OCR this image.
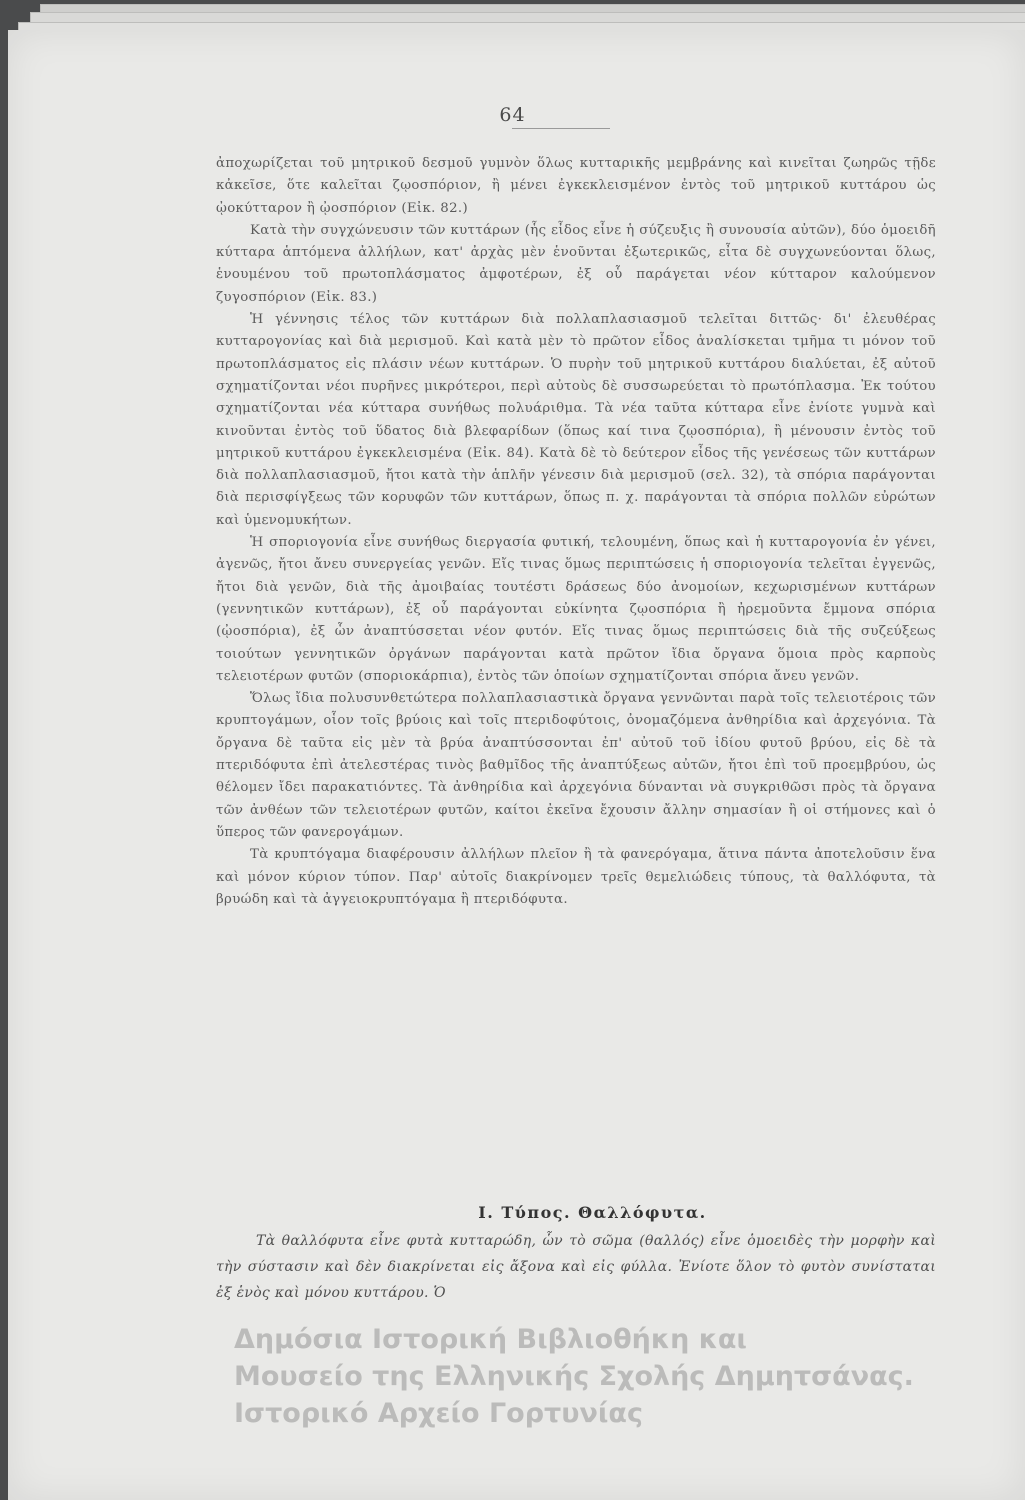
64

ἀποχωρίζεται τοῦ μητρικοῦ δεσμοῦ γυμνὸν ὅλως κυτταρικῆς μεμβράνης καὶ κινεῖται ζωηρῶς τῇδε κἀκεῖσε, ὅτε καλεῖται ζῳοσπόριον, ἢ μένει ἐγκεκλεισμένον ἐντὸς τοῦ μητρικοῦ κυττάρου ὡς ᾠοκύτταρον ἢ ᾠοσπόριον (Εἰκ. 82.)

Κατὰ τὴν συγχώνευσιν τῶν κυττάρων (ἧς εἶδος εἶνε ἡ σύζευξις ἢ συνουσία αὐτῶν), δύο ὁμοειδῆ κύτταρα ἁπτόμενα ἀλλήλων, κατ' ἀρχὰς μὲν ἑνοῦνται ἐξωτερικῶς, εἶτα δὲ συγχωνεύονται ὅλως, ἑνουμένου τοῦ πρωτοπλάσματος ἀμφοτέρων, ἐξ οὗ παράγεται νέον κύτταρον καλούμενον ζυγοσπόριον (Εἰκ. 83.)

Ἡ γέννησις τέλος τῶν κυττάρων διὰ πολλαπλασιασμοῦ τελεῖται διττῶς· δι' ἐλευθέρας κυτταρογονίας καὶ διὰ μερισμοῦ. Καὶ κατὰ μὲν τὸ πρῶτον εἶδος ἀναλίσκεται τμῆμα τι μόνον τοῦ πρωτοπλάσματος εἰς πλάσιν νέων κυττάρων. Ὁ πυρὴν τοῦ μητρικοῦ κυττάρου διαλύεται, ἐξ αὐτοῦ σχηματίζονται νέοι πυρῆνες μικρότεροι, περὶ αὐτοὺς δὲ συσσωρεύεται τὸ πρωτόπλασμα. Ἐκ τούτου σχηματίζονται νέα κύτταρα συνήθως πολυάριθμα. Τὰ νέα ταῦτα κύτταρα εἶνε ἐνίοτε γυμνὰ καὶ κινοῦνται ἐντὸς τοῦ ὕδατος διὰ βλεφαρίδων (ὅπως καί τινα ζῳοσπόρια), ἢ μένουσιν ἐντὸς τοῦ μητρικοῦ κυττάρου ἐγκεκλεισμένα (Εἰκ. 84). Κατὰ δὲ τὸ δεύτερον εἶδος τῆς γενέσεως τῶν κυττάρων διὰ πολλαπλασιασμοῦ, ἤτοι κατὰ τὴν ἁπλῆν γένεσιν διὰ μερισμοῦ (σελ. 32), τὰ σπόρια παράγονται διὰ περισφίγξεως τῶν κορυφῶν τῶν κυττάρων, ὅπως π. χ. παράγονται τὰ σπόρια πολλῶν εὐρώτων καὶ ὑμενομυκήτων.

Ἡ σποριογονία εἶνε συνήθως διεργασία φυτική, τελουμένη, ὅπως καὶ ἡ κυτταρογονία ἐν γένει, ἀγενῶς, ἤτοι ἄνευ συνεργείας γενῶν. Εἴς τινας ὅμως περιπτώσεις ἡ σποριογονία τελεῖται ἐγγενῶς, ἤτοι διὰ γενῶν, διὰ τῆς ἀμοιβαίας τουτέστι δράσεως δύο ἀνομοίων, κεχωρισμένων κυττάρων (γεννητικῶν κυττάρων), ἐξ οὗ παράγονται εὐκίνητα ζῳοσπόρια ἢ ἠρεμοῦντα ἔμμονα σπόρια (ᾠοσπόρια), ἐξ ὧν ἀναπτύσσεται νέον φυτόν. Εἴς τινας ὅμως περιπτώσεις διὰ τῆς συζεύξεως τοιούτων γεννητικῶν ὀργάνων παράγονται κατὰ πρῶτον ἴδια ὄργανα ὅμοια πρὸς καρποὺς τελειοτέρων φυτῶν (σποριοκάρπια), ἐντὸς τῶν ὁποίων σχηματίζονται σπόρια ἄνευ γενῶν.

Ὅλως ἴδια πολυσυνθετώτερα πολλαπλασιαστικὰ ὄργανα γεννῶνται παρὰ τοῖς τελειοτέροις τῶν κρυπτογάμων, οἷον τοῖς βρύοις καὶ τοῖς πτεριδοφύτοις, ὀνομαζόμενα ἀνθηρίδια καὶ ἀρχεγόνια. Τὰ ὄργανα δὲ ταῦτα εἰς μὲν τὰ βρύα ἀναπτύσσονται ἐπ' αὐτοῦ τοῦ ἰδίου φυτοῦ βρύου, εἰς δὲ τὰ πτεριδόφυτα ἐπὶ ἀτελεστέρας τινὸς βαθμῖδος τῆς ἀναπτύξεως αὐτῶν, ἤτοι ἐπὶ τοῦ προεμβρύου, ὡς θέλομεν ἴδει παρακατιόντες. Τὰ ἀνθηρίδια καὶ ἀρχεγόνια δύνανται νὰ συγκριθῶσι πρὸς τὰ ὄργανα τῶν ἀνθέων τῶν τελειοτέρων φυτῶν, καίτοι ἐκεῖνα ἔχουσιν ἄλλην σημασίαν ἢ οἱ στήμονες καὶ ὁ ὕπερος τῶν φανερογάμων.

Τὰ κρυπτόγαμα διαφέρουσιν ἀλλήλων πλεῖον ἢ τὰ φανερόγαμα, ἅτινα πάντα ἀποτελοῦσιν ἕνα καὶ μόνον κύριον τύπον. Παρ' αὐτοῖς διακρίνομεν τρεῖς θεμελιώδεις τύπους, τὰ θαλλόφυτα, τὰ βρυώδη καὶ τὰ ἀγγειοκρυπτόγαμα ἢ πτεριδόφυτα.

I. Τύπος. Θαλλόφυτα.

Τὰ θαλλόφυτα εἶνε φυτὰ κυτταρώδη, ὧν τὸ σῶμα (θαλλός) εἶνε ὁμοειδὲς τὴν μορφὴν καὶ τὴν σύστασιν καὶ δὲν διακρίνεται εἰς ἄξονα καὶ εἰς φύλλα. Ἐνίοτε ὅλον τὸ φυτὸν συνίσταται ἐξ ἑνὸς καὶ μόνου κυττάρου. Ὁ

Δημόσια Ιστορική Βιβλιοθήκη και
Μουσείο της Ελληνικής Σχολής Δημητσάνας.
Ιστορικό Αρχείο Γορτυνίας
